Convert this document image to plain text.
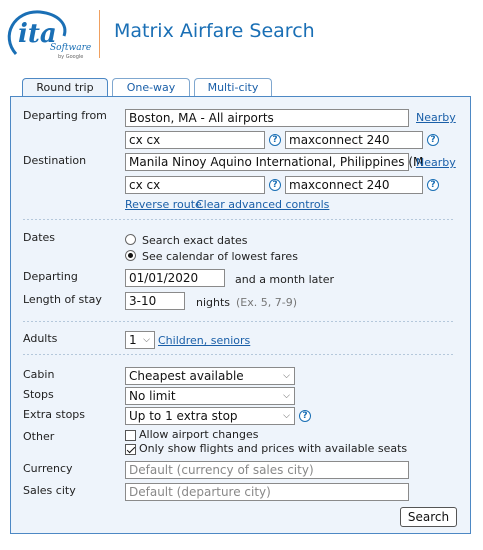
ita
Software
by Google
Matrix Airfare Search
Round trip	One-way	Multi-city
Departing from	Boston, MA - All airports	Nearby
cx cx	? maxconnect 240	?
Destination	Manila Ninoy Aquino International, Philippines (M
Nearby
cx cx	? maxconnect 240	?
Reverse route
Clear advanced controls
Dates	Search exact dates
See calendar of lowest fares
Departing	01/01/2020	and a month later
Length of stay	3-10	nights (Ex. 5, 7-9)
Adults	1 ⌵ Children, seniors
Cabin	Cheapest available	⌵
Stops	No limit	⌵
Extra stops	Up to 1 extra stop	⌵	?
Other	Allow airport changes
Only show flights and prices with available seats
Currency	Default (currency of sales city)
Sales city	Default (departure city)
Search
